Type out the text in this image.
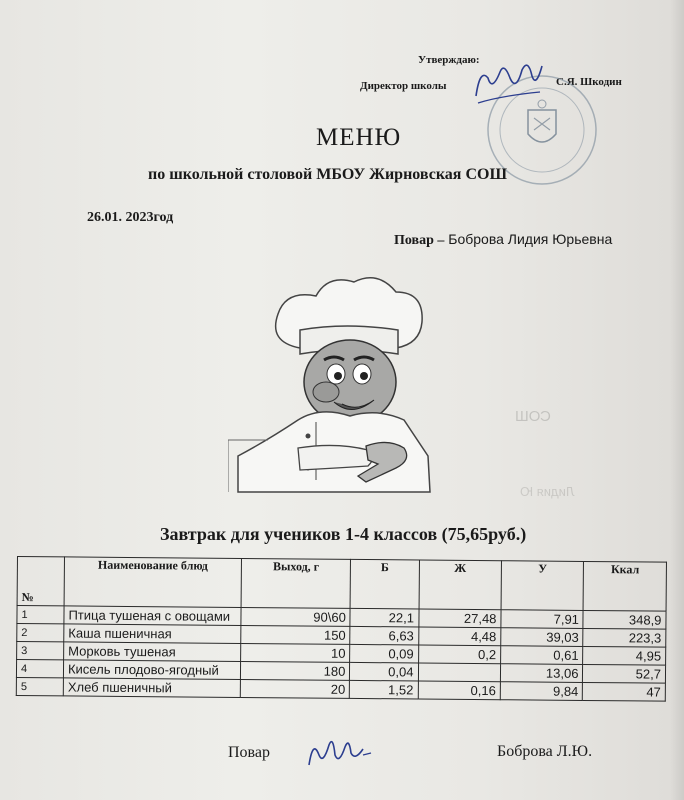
Утверждаю:
Директор школы	С.Я. Шкодин
МЕНЮ
по школьной столовой МБОУ Жирновская СОШ
26.01. 2023год
Повар – Боброва Лидия Юрьевна
СОШ
Лидия Ю
Завтрак для учеников 1-4 классов (75,65руб.)
№	Наименование блюд	Выход, г	Б	Ж	У	Ккал
1	Птица тушеная с овощами	90\60	22,1	27,48	7,91	348,9
2	Каша пшеничная	150	6,63	4,48	39,03	223,3
3	Морковь тушеная	10	0,09	0,2	0,61	4,95
4	Кисель плодово-ягодный	180	0,04		13,06	52,7
5	Хлеб пшеничный	20	1,52	0,16	9,84	47
Повар	Боброва Л.Ю.
